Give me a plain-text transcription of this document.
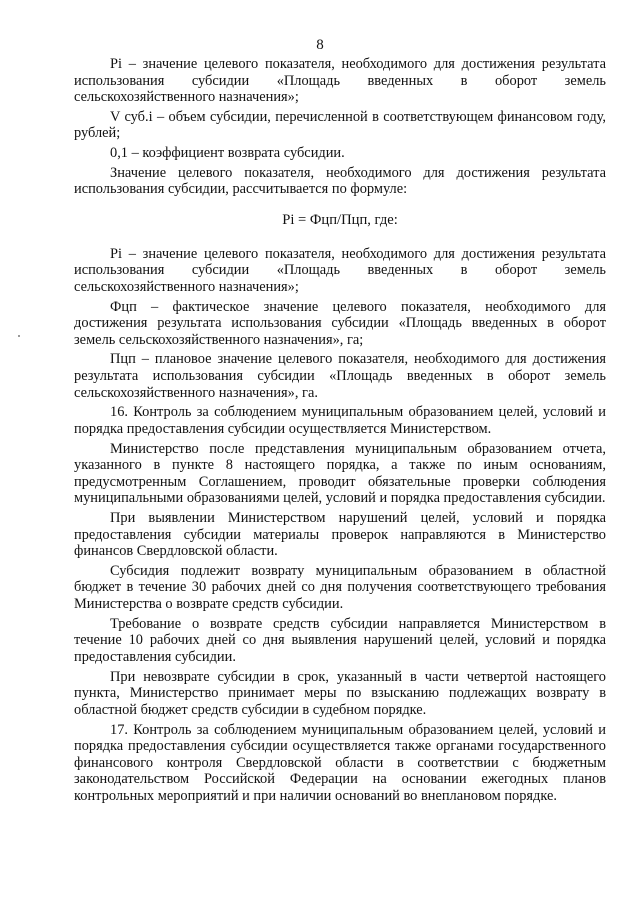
8

Pi – значение целевого показателя, необходимого для достижения результата использования субсидии «Площадь введенных в оборот земель сельскохозяйственного назначения»;

V суб.i – объем субсидии, перечисленной в соответствующем финансовом году, рублей;

0,1 – коэффициент возврата субсидии.

Значение целевого показателя, необходимого для достижения результата использования субсидии, рассчитывается по формуле:

Pi = Фцп/Пцп, где:

Pi – значение целевого показателя, необходимого для достижения результата использования субсидии «Площадь введенных в оборот земель сельскохозяйственного назначения»;

Фцп – фактическое значение целевого показателя, необходимого для достижения результата использования субсидии «Площадь введенных в оборот земель сельскохозяйственного назначения», га;

Пцп – плановое значение целевого показателя, необходимого для достижения результата использования субсидии «Площадь введенных в оборот земель сельскохозяйственного назначения», га.

16. Контроль за соблюдением муниципальным образованием целей, условий и порядка предоставления субсидии осуществляется Министерством.

Министерство после представления муниципальным образованием отчета, указанного в пункте 8 настоящего порядка, а также по иным основаниям, предусмотренным Соглашением, проводит обязательные проверки соблюдения муниципальными образованиями целей, условий и порядка предоставления субсидии.

При выявлении Министерством нарушений целей, условий и порядка предоставления субсидии материалы проверок направляются в Министерство финансов Свердловской области.

Субсидия подлежит возврату муниципальным образованием в областной бюджет в течение 30 рабочих дней со дня получения соответствующего требования Министерства о возврате средств субсидии.

Требование о возврате средств субсидии направляется Министерством в течение 10 рабочих дней со дня выявления нарушений целей, условий и порядка предоставления субсидии.

При невозврате субсидии в срок, указанный в части четвертой настоящего пункта, Министерство принимает меры по взысканию подлежащих возврату в областной бюджет средств субсидии в судебном порядке.

17. Контроль за соблюдением муниципальным образованием целей, условий и порядка предоставления субсидии осуществляется также органами государственного финансового контроля Свердловской области в соответствии с бюджетным законодательством Российской Федерации на основании ежегодных планов контрольных мероприятий и при наличии оснований во внеплановом порядке.
